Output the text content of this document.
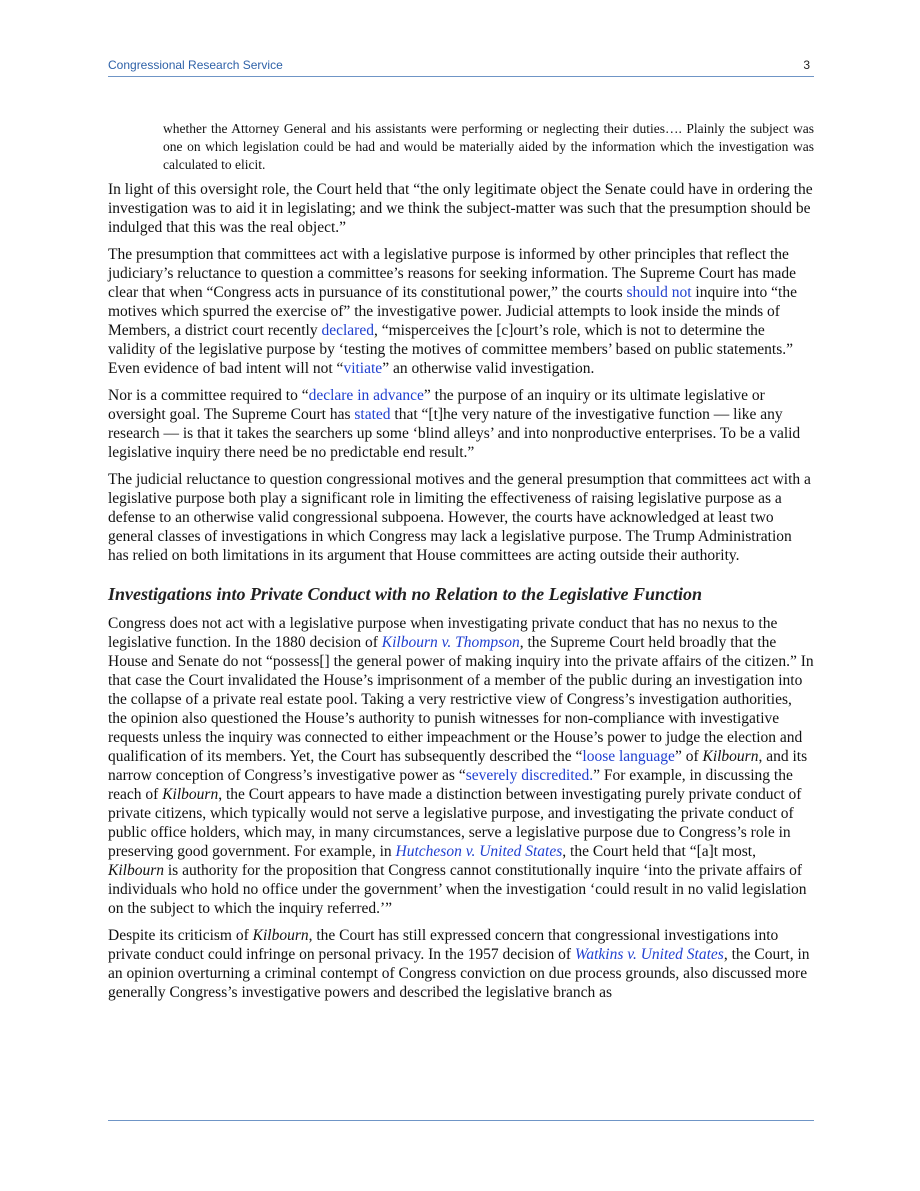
Congressional Research Service	3
whether the Attorney General and his assistants were performing or neglecting their duties…. Plainly the subject was one on which legislation could be had and would be materially aided by the information which the investigation was calculated to elicit.

In light of this oversight role, the Court held that “the only legitimate object the Senate could have in ordering the investigation was to aid it in legislating; and we think the subject-matter was such that the presumption should be indulged that this was the real object.”

The presumption that committees act with a legislative purpose is informed by other principles that reflect the judiciary’s reluctance to question a committee’s reasons for seeking information. The Supreme Court has made clear that when “Congress acts in pursuance of its constitutional power,” the courts should not inquire into “the motives which spurred the exercise of” the investigative power. Judicial attempts to look inside the minds of Members, a district court recently declared, “misperceives the [c]ourt’s role, which is not to determine the validity of the legislative purpose by ‘testing the motives of committee members’ based on public statements.” Even evidence of bad intent will not “vitiate” an otherwise valid investigation.

Nor is a committee required to “declare in advance” the purpose of an inquiry or its ultimate legislative or oversight goal. The Supreme Court has stated that “[t]he very nature of the investigative function — like any research — is that it takes the searchers up some ‘blind alleys’ and into nonproductive enterprises. To be a valid legislative inquiry there need be no predictable end result.”

The judicial reluctance to question congressional motives and the general presumption that committees act with a legislative purpose both play a significant role in limiting the effectiveness of raising legislative purpose as a defense to an otherwise valid congressional subpoena. However, the courts have acknowledged at least two general classes of investigations in which Congress may lack a legislative purpose. The Trump Administration has relied on both limitations in its argument that House committees are acting outside their authority.

Investigations into Private Conduct with no Relation to the Legislative Function

Congress does not act with a legislative purpose when investigating private conduct that has no nexus to the legislative function. In the 1880 decision of Kilbourn v. Thompson, the Supreme Court held broadly that the House and Senate do not “possess[] the general power of making inquiry into the private affairs of the citizen.” In that case the Court invalidated the House’s imprisonment of a member of the public during an investigation into the collapse of a private real estate pool. Taking a very restrictive view of Congress’s investigation authorities, the opinion also questioned the House’s authority to punish witnesses for non-compliance with investigative requests unless the inquiry was connected to either impeachment or the House’s power to judge the election and qualification of its members. Yet, the Court has subsequently described the “loose language” of Kilbourn, and its narrow conception of Congress’s investigative power as “severely discredited.” For example, in discussing the reach of Kilbourn, the Court appears to have made a distinction between investigating purely private conduct of private citizens, which typically would not serve a legislative purpose, and investigating the private conduct of public office holders, which may, in many circumstances, serve a legislative purpose due to Congress’s role in preserving good government. For example, in Hutcheson v. United States, the Court held that “[a]t most, Kilbourn is authority for the proposition that Congress cannot constitutionally inquire ‘into the private affairs of individuals who hold no office under the government’ when the investigation ‘could result in no valid legislation on the subject to which the inquiry referred.’”

Despite its criticism of Kilbourn, the Court has still expressed concern that congressional investigations into private conduct could infringe on personal privacy. In the 1957 decision of Watkins v. United States, the Court, in an opinion overturning a criminal contempt of Congress conviction on due process grounds, also discussed more generally Congress’s investigative powers and described the legislative branch as
